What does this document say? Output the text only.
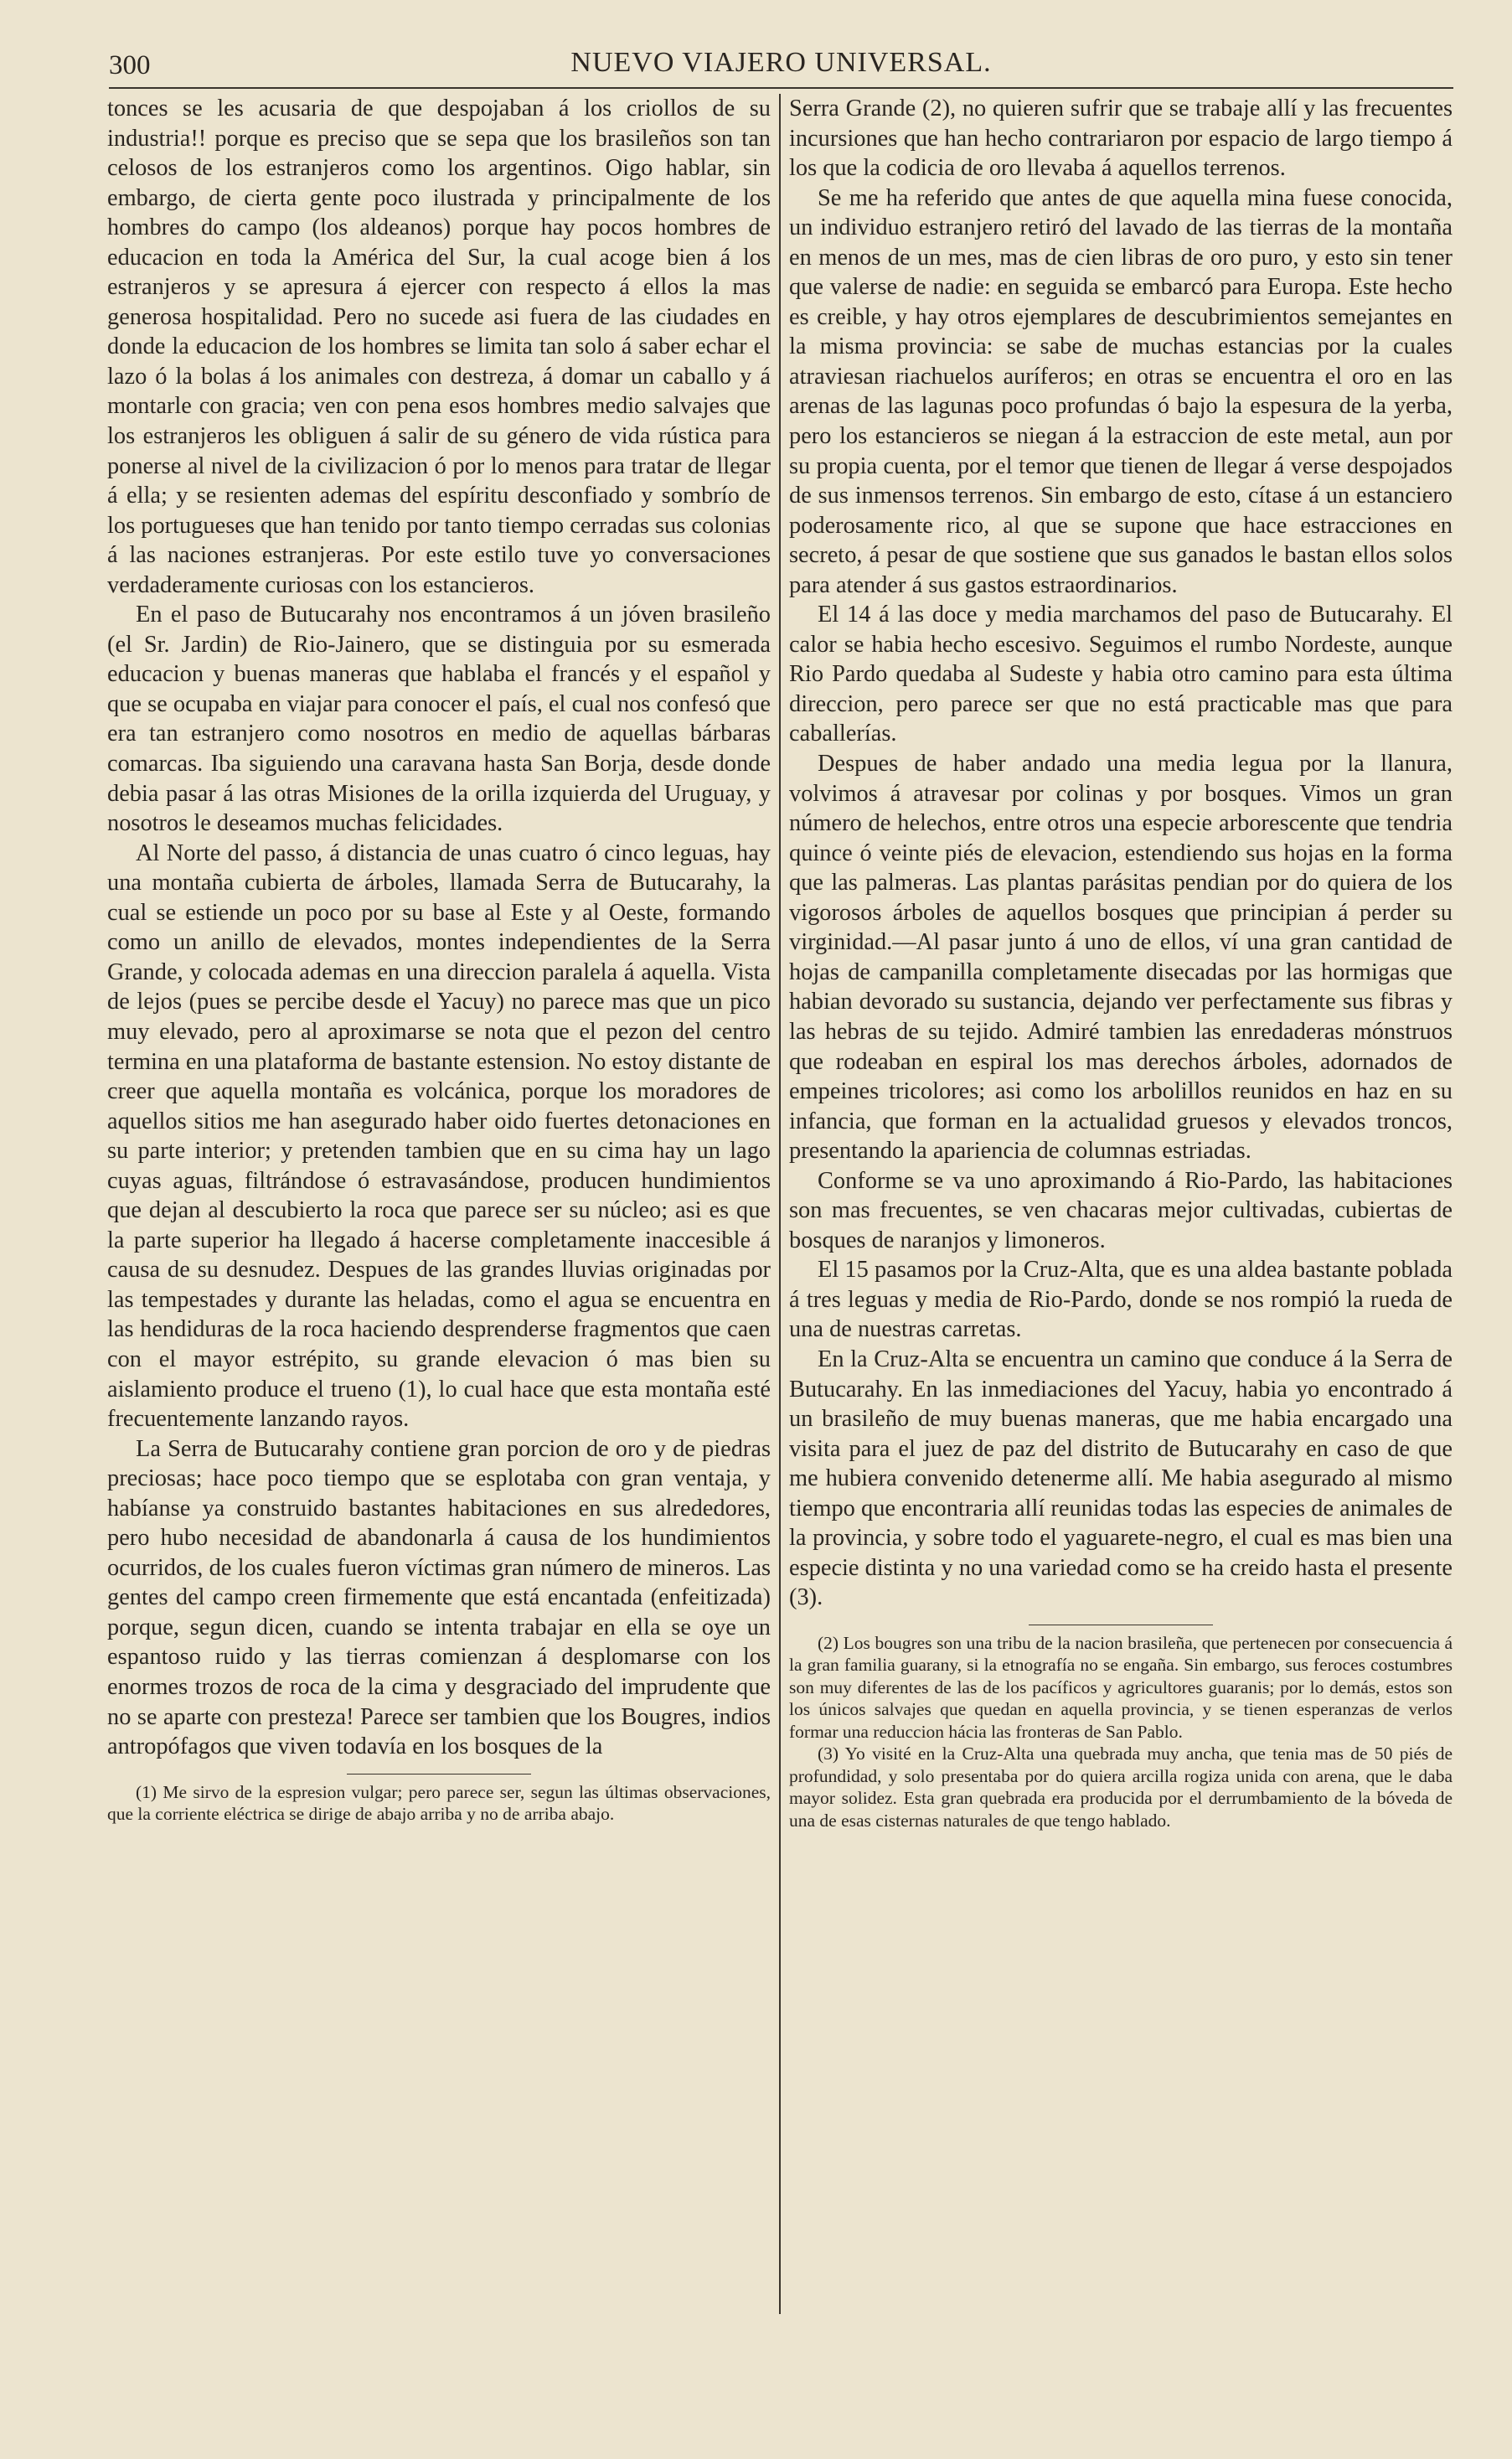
300	NUEVO VIAJERO UNIVERSAL.

tonces se les acusaria de que despojaban á los criollos de su industria!! porque es preciso que se sepa que los brasileños son tan celosos de los estranjeros como los argentinos. Oigo hablar, sin embargo, de cierta gente poco ilustrada y principalmente de los hombres do campo (los aldeanos) porque hay pocos hombres de educacion en toda la América del Sur, la cual acoge bien á los estranjeros y se apresura á ejercer con respecto á ellos la mas generosa hospitalidad. Pero no sucede asi fuera de las ciudades en donde la educacion de los hombres se limita tan solo á saber echar el lazo ó la bolas á los animales con destreza, á domar un caballo y á montarle con gracia; ven con pena esos hombres medio salvajes que los estranjeros les obliguen á salir de su género de vida rústica para ponerse al nivel de la civilizacion ó por lo menos para tratar de llegar á ella; y se resienten ademas del espíritu desconfiado y sombrío de los portugueses que han tenido por tanto tiempo cerradas sus colonias á las naciones estranjeras. Por este estilo tuve yo conversaciones verdaderamente curiosas con los estancieros.

En el paso de Butucarahy nos encontramos á un jóven brasileño (el Sr. Jardin) de Rio-Jainero, que se distinguia por su esmerada educacion y buenas maneras que hablaba el francés y el español y que se ocupaba en viajar para conocer el país, el cual nos confesó que era tan estranjero como nosotros en medio de aquellas bárbaras comarcas. Iba siguiendo una caravana hasta San Borja, desde donde debia pasar á las otras Misiones de la orilla izquierda del Uruguay, y nosotros le deseamos muchas felicidades.

Al Norte del passo, á distancia de unas cuatro ó cinco leguas, hay una montaña cubierta de árboles, llamada Serra de Butucarahy, la cual se estiende un poco por su base al Este y al Oeste, formando como un anillo de elevados, montes independientes de la Serra Grande, y colocada ademas en una direccion paralela á aquella. Vista de lejos (pues se percibe desde el Yacuy) no parece mas que un pico muy elevado, pero al aproximarse se nota que el pezon del centro termina en una plataforma de bastante estension. No estoy distante de creer que aquella montaña es volcánica, porque los moradores de aquellos sitios me han asegurado haber oido fuertes detonaciones en su parte interior; y pretenden tambien que en su cima hay un lago cuyas aguas, filtrándose ó estravasándose, producen hundimientos que dejan al descubierto la roca que parece ser su núcleo; asi es que la parte superior ha llegado á hacerse completamente inaccesible á causa de su desnudez. Despues de las grandes lluvias originadas por las tempestades y durante las heladas, como el agua se encuentra en las hendiduras de la roca haciendo desprenderse fragmentos que caen con el mayor estrépito, su grande elevacion ó mas bien su aislamiento produce el trueno (1), lo cual hace que esta montaña esté frecuentemente lanzando rayos.

La Serra de Butucarahy contiene gran porcion de oro y de piedras preciosas; hace poco tiempo que se esplotaba con gran ventaja, y habíanse ya construido bastantes habitaciones en sus alrededores, pero hubo necesidad de abandonarla á causa de los hundimientos ocurridos, de los cuales fueron víctimas gran número de mineros. Las gentes del campo creen firmemente que está encantada (enfeitizada) porque, segun dicen, cuando se intenta trabajar en ella se oye un espantoso ruido y las tierras comienzan á desplomarse con los enormes trozos de roca de la cima y desgraciado del imprudente que no se aparte con presteza! Parece ser tambien que los Bougres, indios antropófagos que viven todavía en los bosques de la

(1) Me sirvo de la espresion vulgar; pero parece ser, segun las últimas observaciones, que la corriente eléctrica se dirige de abajo arriba y no de arriba abajo.

Serra Grande (2), no quieren sufrir que se trabaje allí y las frecuentes incursiones que han hecho contrariaron por espacio de largo tiempo á los que la codicia de oro llevaba á aquellos terrenos.

Se me ha referido que antes de que aquella mina fuese conocida, un individuo estranjero retiró del lavado de las tierras de la montaña en menos de un mes, mas de cien libras de oro puro, y esto sin tener que valerse de nadie: en seguida se embarcó para Europa. Este hecho es creible, y hay otros ejemplares de descubrimientos semejantes en la misma provincia: se sabe de muchas estancias por la cuales atraviesan riachuelos auríferos; en otras se encuentra el oro en las arenas de las lagunas poco profundas ó bajo la espesura de la yerba, pero los estancieros se niegan á la estraccion de este metal, aun por su propia cuenta, por el temor que tienen de llegar á verse despojados de sus inmensos terrenos. Sin embargo de esto, cítase á un estanciero poderosamente rico, al que se supone que hace estracciones en secreto, á pesar de que sostiene que sus ganados le bastan ellos solos para atender á sus gastos estraordinarios.

El 14 á las doce y media marchamos del paso de Butucarahy. El calor se habia hecho escesivo. Seguimos el rumbo Nordeste, aunque Rio Pardo quedaba al Sudeste y habia otro camino para esta última direccion, pero parece ser que no está practicable mas que para caballerías.

Despues de haber andado una media legua por la llanura, volvimos á atravesar por colinas y por bosques. Vimos un gran número de helechos, entre otros una especie arborescente que tendria quince ó veinte piés de elevacion, estendiendo sus hojas en la forma que las palmeras. Las plantas parásitas pendian por do quiera de los vigorosos árboles de aquellos bosques que principian á perder su virginidad.—Al pasar junto á uno de ellos, ví una gran cantidad de hojas de campanilla completamente disecadas por las hormigas que habian devorado su sustancia, dejando ver perfectamente sus fibras y las hebras de su tejido. Admiré tambien las enredaderas mónstruos que rodeaban en espiral los mas derechos árboles, adornados de empeines tricolores; asi como los arbolillos reunidos en haz en su infancia, que forman en la actualidad gruesos y elevados troncos, presentando la apariencia de columnas estriadas.

Conforme se va uno aproximando á Rio-Pardo, las habitaciones son mas frecuentes, se ven chacaras mejor cultivadas, cubiertas de bosques de naranjos y limoneros.

El 15 pasamos por la Cruz-Alta, que es una aldea bastante poblada á tres leguas y media de Rio-Pardo, donde se nos rompió la rueda de una de nuestras carretas.

En la Cruz-Alta se encuentra un camino que conduce á la Serra de Butucarahy. En las inmediaciones del Yacuy, habia yo encontrado á un brasileño de muy buenas maneras, que me habia encargado una visita para el juez de paz del distrito de Butucarahy en caso de que me hubiera convenido detenerme allí. Me habia asegurado al mismo tiempo que encontraria allí reunidas todas las especies de animales de la provincia, y sobre todo el yaguarete-negro, el cual es mas bien una especie distinta y no una variedad como se ha creido hasta el presente (3).

(2) Los bougres son una tribu de la nacion brasileña, que pertenecen por consecuencia á la gran familia guarany, si la etnografía no se engaña. Sin embargo, sus feroces costumbres son muy diferentes de las de los pacíficos y agricultores guaranis; por lo demás, estos son los únicos salvajes que quedan en aquella provincia, y se tienen esperanzas de verlos formar una reduccion hácia las fronteras de San Pablo.

(3) Yo visité en la Cruz-Alta una quebrada muy ancha, que tenia mas de 50 piés de profundidad, y solo presentaba por do quiera arcilla rogiza unida con arena, que le daba mayor solidez. Esta gran quebrada era producida por el derrumbamiento de la bóveda de una de esas cisternas naturales de que tengo hablado.
